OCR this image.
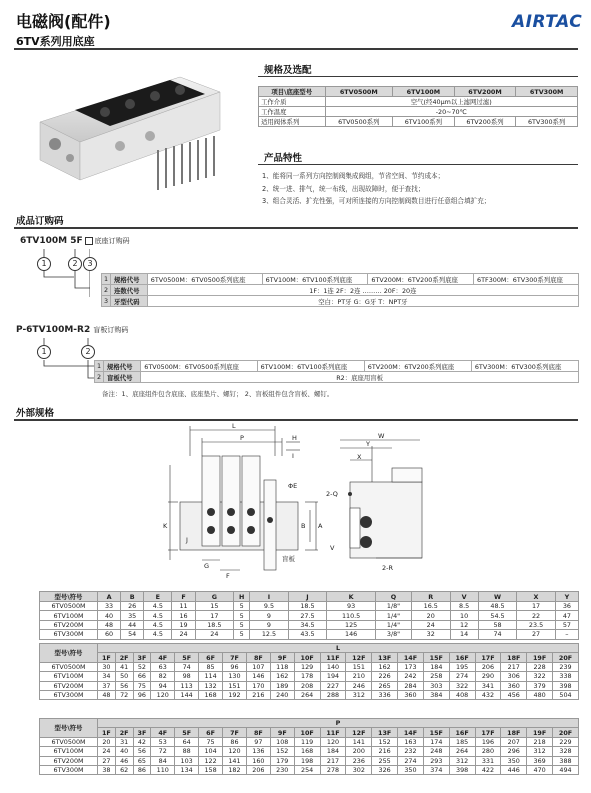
电磁阀(配件)
6TV系列用底座
AIRTAC
规格及选配
项目\底座型号	6TV0500M	6TV100M	6TV200M	6TV300M
工作介质	空气(经40μm以上滤网过滤)			
工作温度	-20~70℃			
适用阀体系列	6TV0500系列	6TV100系列	6TV200系列	6TV300系列
产品特性
1、能将同一系列方向控制阀集成阀组，节省空间、节约成本；
2、统一进、排气，统一布线，出现故障时，便于查找；
3、组合灵活、扩充性强，可对所连接的方向控制阀数目进行任意组合填扩充；
成品订购码
6TV100M 5F 底座订购码
1	2	3
1	规格代号	6TV0500M：6TV0500系列底座	6TV100M：6TV100系列底座	6TV200M：6TV200系列底座	6TF300M：6TV300系列底座
2	连数代号	1F：1连 2F：2连 ……… 20F：20连			
3	牙型代码	空白：PT牙 G：G牙 T：NPT牙			
P-6TV100M-R2 盲板订购码
1	2
1	规格代号	6TV0500M：6TV0500系列底座	6TV100M：6TV100系列底座	6TV200M：6TV200系列底座	6TV300M：6TV300系列底座
2	盲板代号	R2：底座用盲板			
备注：1、底座组件包含底座、底座垫片、螺钉； 2、盲板组件包含盲板、螺钉。
外部规格
L
P	H
I
ΦE
B A
K
J
G
F
盲板
W
Y
X
2-Q
2-R
V
型号\符号	A	B	E	F	G	H	I	J	K	Q	R	V	W	X	Y
6TV0500M	33	26	4.5	11	15	5	9.5	18.5	93	1/8"	16.5	8.5	48.5	17	36
6TV100M	40	35	4.5	16	17	5	9	27.5	110.5	1/4"	20	10	54.5	22	47
6TV200M	48	44	4.5	19	18.5	5	9	34.5	125	1/4"	24	12	58	23.5	57
6TV300M	60	54	4.5	24	24	5	12.5	43.5	146	3/8"	32	14	74	27	–
型号\符号	L																			
	1F	2F	3F	4F	5F	6F	7F	8F	9F	10F	11F	12F	13F	14F	15F	16F	17F	18F	19F	20F
6TV0500M	30	41	52	63	74	85	96	107	118	129	140	151	162	173	184	195	206	217	228	239
6TV100M	34	50	66	82	98	114	130	146	162	178	194	210	226	242	258	274	290	306	322	338
6TV200M	37	56	75	94	113	132	151	170	189	208	227	246	265	284	303	322	341	360	379	398
6TV300M	48	72	96	120	144	168	192	216	240	264	288	312	336	360	384	408	432	456	480	504
型号\符号	P																			
	1F	2F	3F	4F	5F	6F	7F	8F	9F	10F	11F	12F	13F	14F	15F	16F	17F	18F	19F	20F
6TV0500M	20	31	42	53	64	75	86	97	108	119	120	141	152	163	174	185	196	207	218	229
6TV100M	24	40	56	72	88	104	120	136	152	168	184	200	216	232	248	264	280	296	312	328
6TV200M	27	46	65	84	103	122	141	160	179	198	217	236	255	274	293	312	331	350	369	388
6TV300M	38	62	86	110	134	158	182	206	230	254	278	302	326	350	374	398	422	446	470	494
